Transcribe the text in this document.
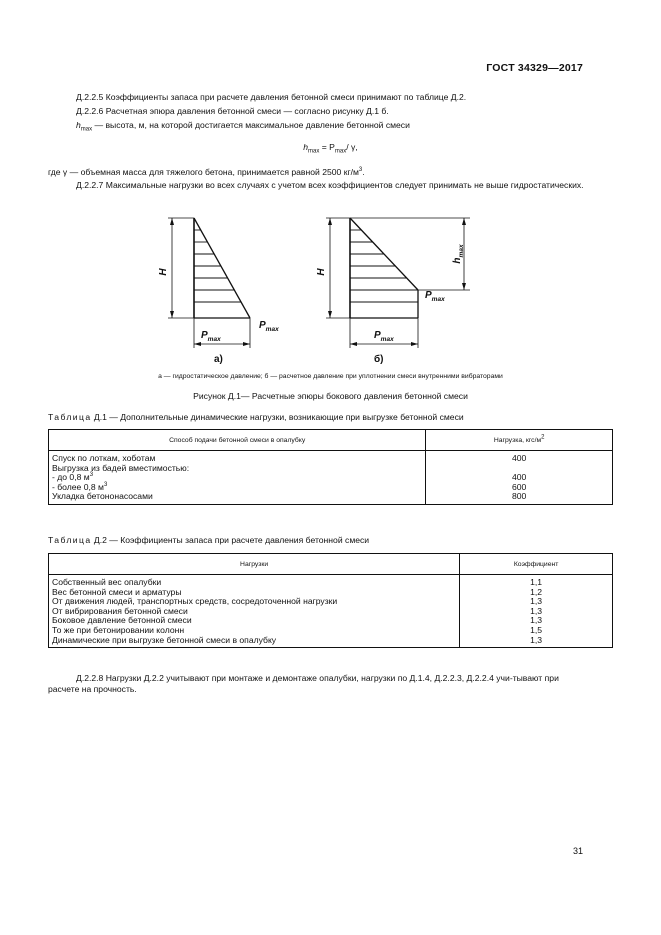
ГОСТ 34329—2017
Д.2.2.5 Коэффициенты запаса при расчете давления бетонной смеси принимают по таблице Д.2.
Д.2.2.6 Расчетная эпюра давления бетонной смеси — согласно рисунку Д.1 б.
$h_{max}$ — высота, м, на которой достигается максимальное давление бетонной смеси
$h_{max} = P_{max}/$ γ,
где γ — объемная масса для тяжелого бетона, принимается равной 2500 $кг/м^3$.
Д.2.2.7 Максимальные нагрузки во всех случаях с учетом всех коэффициентов следует принимать не выше гидростатических.
H
$P_{max}$
$P_{max}$
а)
H
$h_{max}$
$P_{max}$
$P_{max}$
б)
а — гидростатическое давление; б — расчетное давление при уплотнении смеси внутренними вибраторами
Рисунок Д.1— Расчетные эпюры бокового давления бетонной смеси
Таблица Д.1 — Дополнительные динамические нагрузки, возникающие при выгрузке бетонной смеси
Способ подачи бетонной смеси в опалубку	Нагрузка, кгс/$м^2$
Спуск по лоткам, хоботам	400
Выгрузка из бадей вместимостью:	
- до 0,8 $м^3$	400
- более 0,8 $м^3$	600
Укладка бетононасосами	800
Таблица Д.2 — Коэффициенты запаса при расчете давления бетонной смеси
Нагрузки	Коэффициент
Собственный вес опалубки	1,1
Вес бетонной смеси и арматуры	1,2
От движения людей, транспортных средств, сосредоточенной нагрузки	1,3
От вибрирования бетонной смеси	1,3
Боковое давление бетонной смеси	1,3
То же при бетонировании колонн	1,5
Динамические при выгрузке бетонной смеси в опалубку	1,3
Д.2.2.8 Нагрузки Д.2.2 учитывают при монтаже и демонтаже опалубки, нагрузки по Д.1.4, Д.2.2.3, Д.2.2.4 учи-тывают при расчете на прочность.
31
